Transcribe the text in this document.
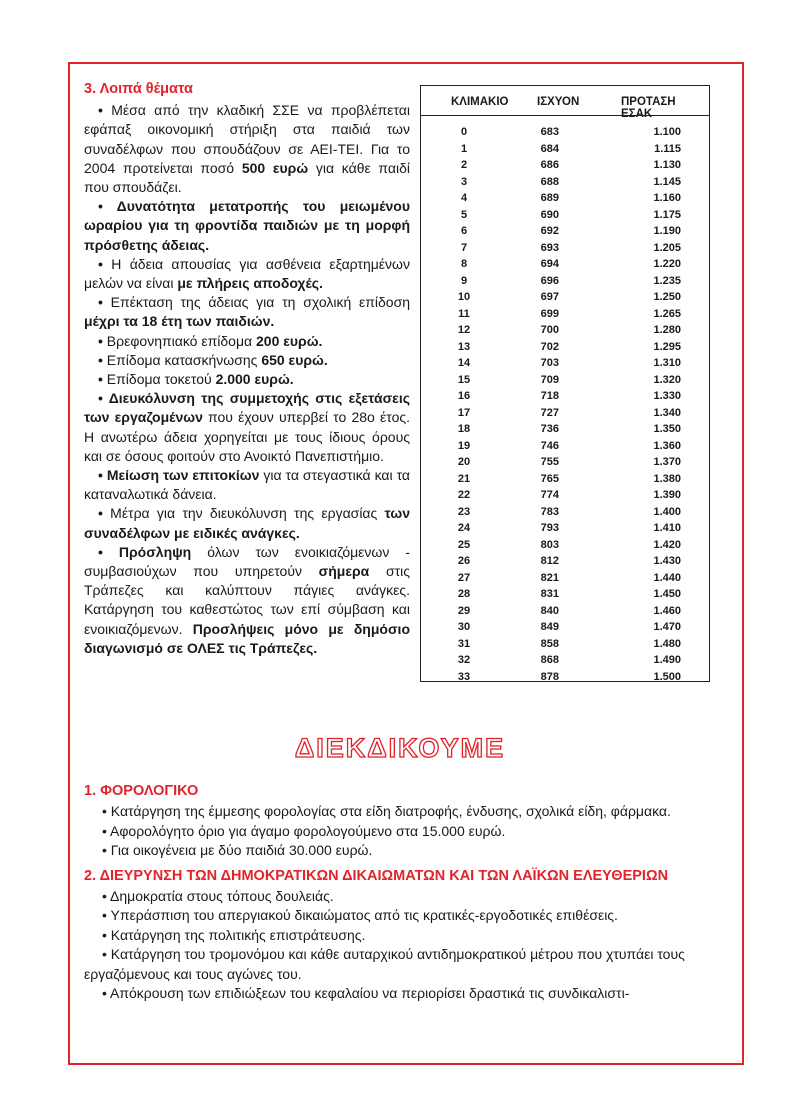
3. Λοιπά θέματα

• Μέσα από την κλαδική ΣΣΕ να προβλέπεται εφάπαξ οικονομική στήριξη στα παιδιά των συναδέλφων που σπουδάζουν σε ΑΕΙ-ΤΕΙ. Για το 2004 προτείνεται ποσό 500 ευρώ για κάθε παιδί που σπουδάζει.

• Δυνατότητα μετατροπής του μειωμένου ωραρίου για τη φροντίδα παιδιών με τη μορφή πρόσθετης άδειας.

• Η άδεια απουσίας για ασθένεια εξαρτημένων μελών να είναι με πλήρεις αποδοχές.

• Επέκταση της άδειας για τη σχολική επίδοση μέχρι τα 18 έτη των παιδιών.

• Βρεφονηπιακό επίδομα 200 ευρώ.

• Επίδομα κατασκήνωσης 650 ευρώ.

• Επίδομα τοκετού 2.000 ευρώ.

• Διευκόλυνση της συμμετοχής στις εξετάσεις των εργαζομένων που έχουν υπερβεί το 28ο έτος. Η ανωτέρω άδεια χορηγείται με τους ίδιους όρους και σε όσους φοιτούν στο Ανοικτό Πανεπιστήμιο.

• Μείωση των επιτοκίων για τα στεγαστικά και τα καταναλωτικά δάνεια.

• Μέτρα για την διευκόλυνση της εργασίας των συναδέλφων με ειδικές ανάγκες.

• Πρόσληψη όλων των ενοικιαζόμενων - συμβασιούχων που υπηρετούν σήμερα στις Τράπεζες και καλύπτουν πάγιες ανάγκες. Κατάργηση του καθεστώτος των επί σύμβαση και ενοικιαζόμενων. Προσλήψεις μόνο με δημόσιο διαγωνισμό σε ΟΛΕΣ τις Τράπεζες.

ΚΛΙΜΑΚΙΟ ΙΣΧΥΟΝ	ΠΡΟΤΑΣΗ ΕΣΑΚ
0	683	1.100
1	684	1.115
2	686	1.130
3	688	1.145
4	689	1.160
5	690	1.175
6	692	1.190
7	693	1.205
8	694	1.220
9	696	1.235
10	697	1.250
11	699	1.265
12	700	1.280
13	702	1.295
14	703	1.310
15	709	1.320
16	718	1.330
17	727	1.340
18	736	1.350
19	746	1.360
20	755	1.370
21	765	1.380
22	774	1.390
23	783	1.400
24	793	1.410
25	803	1.420
26	812	1.430
27	821	1.440
28	831	1.450
29	840	1.460
30	849	1.470
31	858	1.480
32	868	1.490
33	878	1.500
ΔΙΕΚΔΙΚΟΥΜΕ
1. ΦΟΡΟΛΟΓΙΚΟ

• Κατάργηση της έμμεσης φορολογίας στα είδη διατροφής, ένδυσης, σχολικά είδη, φάρμακα.

• Αφορολόγητο όριο για άγαμο φορολογούμενο στα 15.000 ευρώ.

• Για οικογένεια με δύο παιδιά 30.000 ευρώ.

2. ΔΙΕΥΡΥΝΣΗ ΤΩΝ ΔΗΜΟΚΡΑΤΙΚΩΝ ΔΙΚΑΙΩΜΑΤΩΝ ΚΑΙ ΤΩΝ ΛΑΪΚΩΝ ΕΛΕΥΘΕΡΙΩΝ

• Δημοκρατία στους τόπους δουλειάς.

• Υπεράσπιση του απεργιακού δικαιώματος από τις κρατικές-εργοδοτικές επιθέσεις.

• Κατάργηση της πολιτικής επιστράτευσης.

• Κατάργηση του τρομονόμου και κάθε αυταρχικού αντιδημοκρατικού μέτρου που χτυπάει τους εργαζόμενους και τους αγώνες του.

• Απόκρουση των επιδιώξεων του κεφαλαίου να περιορίσει δραστικά τις συνδικαλιστι-
